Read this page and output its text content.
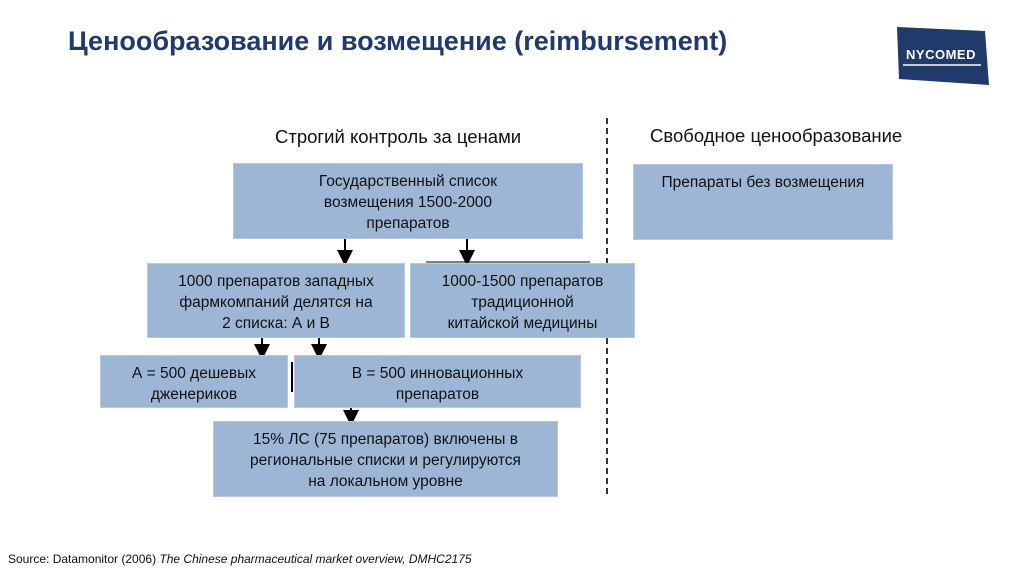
Ценообразование и возмещение (reimbursement)	NYCOMED
Строгий контроль за ценами	Свободное ценообразование
Государственный список
возмещения 1500-2000
препаратов
1000 препаратов западных
фармкомпаний делятся на
2 списка: А и В
1000-1500 препаратов
традиционной
китайской медицины
А = 500 дешевых
дженериков
В = 500 инновационных
препаратов
15% ЛС (75 препаратов) включены в
региональные списки и регулируются
на локальном уровне
Препараты без возмещения
Source: Datamonitor (2006) The Chinese pharmaceutical market overview, DMHC2175
